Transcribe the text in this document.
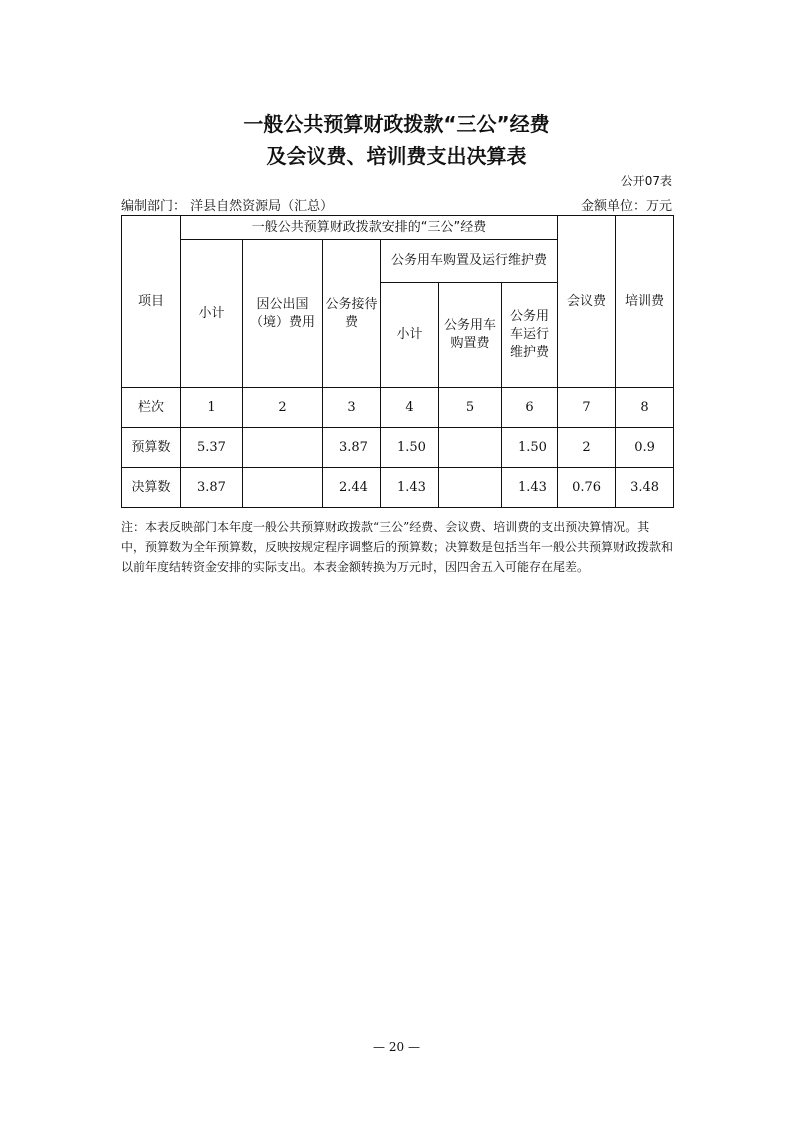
一般公共预算财政拨款“三公”经费
及会议费、培训费支出决算表
公开07表
编制部门： 洋县自然资源局（汇总）	金额单位：万元
项目	一般公共预算财政拨款安排的“三公”经费						会议费	培训费
	小计	因公出国（境）费用	公务接待费	公务用车购置及运行维护费				
				小计	公务用车购置费	公务用车运行维护费		
栏次	1	2	3	4	5	6	7	8
预算数	5.37		3.87	1.50		1.50	2	0.9
决算数	3.87		2.44	1.43		1.43	0.76	3.48
注：本表反映部门本年度一般公共预算财政拨款“三公”经费、会议费、培训费的支出预决算情况。其中，预算数为全年预算数，反映按规定程序调整后的预算数；决算数是包括当年一般公共预算财政拨款和以前年度结转资金安排的实际支出。本表金额转换为万元时，因四舍五入可能存在尾差。
— 20 —
